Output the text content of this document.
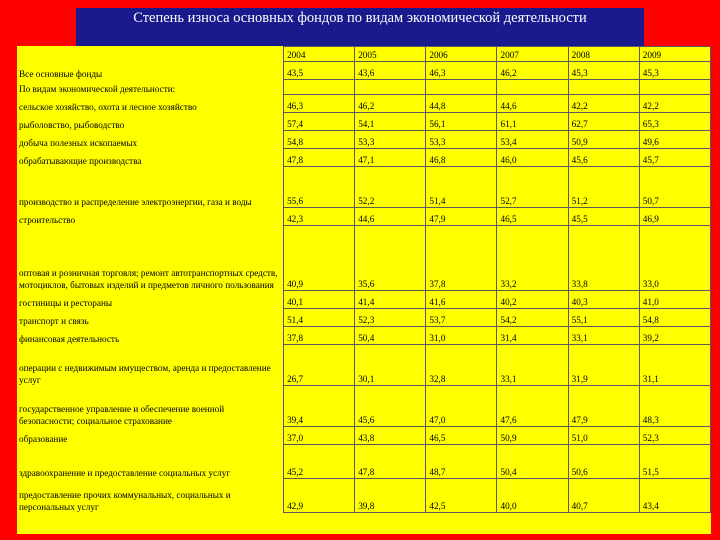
Степень износа основных фондов по видам экономической деятельности
	2004	2005	2006	2007	2008	2009
Все основные фонды	43,5	43,6	46,3	46,2	45,3	45,3
По видам экономической деятельности:						
сельское хозяйство, охота и лесное хозяйство	46,3	46,2	44,8	44,6	42,2	42,2
рыболовство, рыбоводство	57,4	54,1	56,1	61,1	62,7	65,3
добыча полезных ископаемых	54,8	53,3	53,3	53,4	50,9	49,6
обрабатывающие производства	47,8	47,1	46,8	46,0	45,6	45,7
производство и распределение электроэнергии, газа и воды	55,6	52,2	51,4	52,7	51,2	50,7
строительство	42,3	44,6	47,9	46,5	45,5	46,9
оптовая и розничная торговля; ремонт автотранспортных средств, мотоциклов, бытовых изделий и предметов личного пользования	40,9	35,6	37,8	33,2	33,8	33,0
гостиницы и рестораны	40,1	41,4	41,6	40,2	40,3	41,0
транспорт и связь	51,4	52,3	53,7	54,2	55,1	54,8
финансовая деятельность	37,8	50,4	31,0	31,4	33,1	39,2
операции с недвижимым имуществом, аренда и предоставление услуг	26,7	30,1	32,8	33,1	31,9	31,1
государственное управление и обеспечение военной безопасности; социальное страхование	39,4	45,6	47,0	47,6	47,9	48,3
образование	37,0	43,8	46,5	50,9	51,0	52,3
здравоохранение и предоставление социальных услуг	45,2	47,8	48,7	50,4	50,6	51,5
предоставление прочих коммунальных, социальных и персональных услуг	42,9	39,8	42,5	40,0	40,7	43,4
